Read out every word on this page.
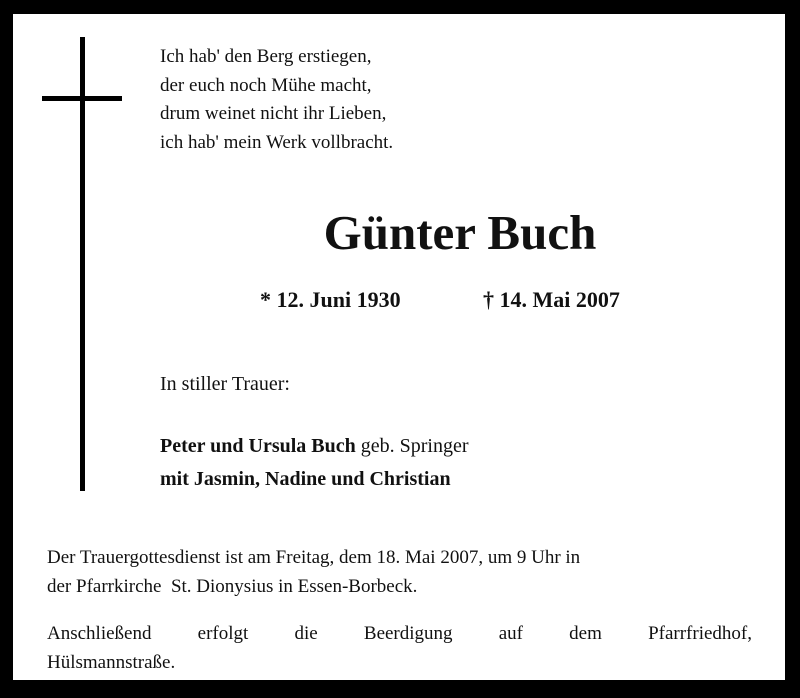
Ich hab' den Berg erstiegen,
der euch noch Mühe macht,
drum weinet nicht ihr Lieben,
ich hab' mein Werk vollbracht.
Günter Buch
* 12. Juni 1930	† 14. Mai 2007
In stiller Trauer:
Peter und Ursula Buch geb. Springer
mit Jasmin, Nadine und Christian
Der Trauergottesdienst ist am Freitag, dem 18. Mai 2007, um 9 Uhr in
der Pfarrkirche  St. Dionysius in Essen-Borbeck.
Anschließend erfolgt die Beerdigung auf dem Pfarrfriedhof,
Hülsmannstraße.
